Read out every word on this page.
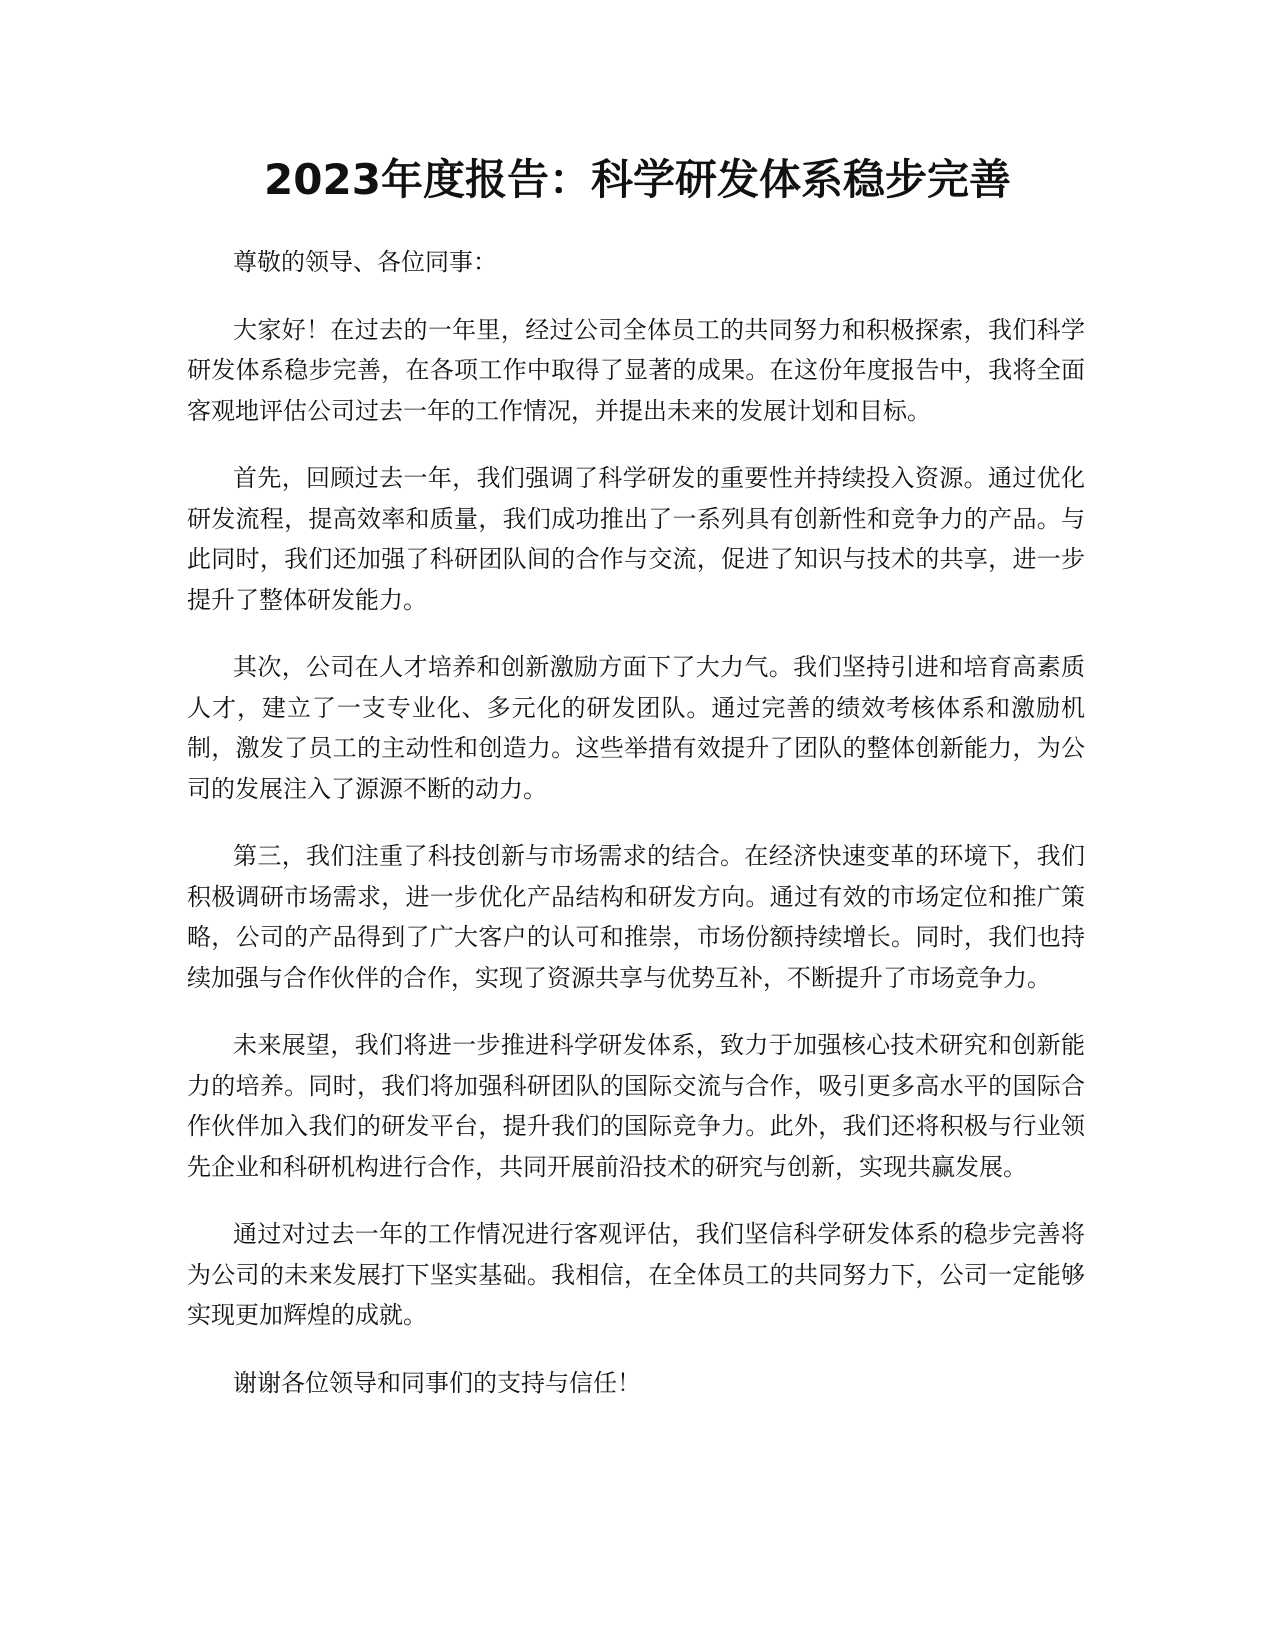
2023年度报告：科学研发体系稳步完善

尊敬的领导、各位同事：

大家好！在过去的一年里，经过公司全体员工的共同努力和积极探索，我们科学研发体系稳步完善，在各项工作中取得了显著的成果。在这份年度报告中，我将全面客观地评估公司过去一年的工作情况，并提出未来的发展计划和目标。

首先，回顾过去一年，我们强调了科学研发的重要性并持续投入资源。通过优化研发流程，提高效率和质量，我们成功推出了一系列具有创新性和竞争力的产品。与此同时，我们还加强了科研团队间的合作与交流，促进了知识与技术的共享，进一步提升了整体研发能力。

其次，公司在人才培养和创新激励方面下了大力气。我们坚持引进和培育高素质人才，建立了一支专业化、多元化的研发团队。通过完善的绩效考核体系和激励机制，激发了员工的主动性和创造力。这些举措有效提升了团队的整体创新能力，为公司的发展注入了源源不断的动力。

第三，我们注重了科技创新与市场需求的结合。在经济快速变革的环境下，我们积极调研市场需求，进一步优化产品结构和研发方向。通过有效的市场定位和推广策略，公司的产品得到了广大客户的认可和推崇，市场份额持续增长。同时，我们也持续加强与合作伙伴的合作，实现了资源共享与优势互补，不断提升了市场竞争力。

未来展望，我们将进一步推进科学研发体系，致力于加强核心技术研究和创新能力的培养。同时，我们将加强科研团队的国际交流与合作，吸引更多高水平的国际合作伙伴加入我们的研发平台，提升我们的国际竞争力。此外，我们还将积极与行业领先企业和科研机构进行合作，共同开展前沿技术的研究与创新，实现共赢发展。

通过对过去一年的工作情况进行客观评估，我们坚信科学研发体系的稳步完善将为公司的未来发展打下坚实基础。我相信，在全体员工的共同努力下，公司一定能够实现更加辉煌的成就。

谢谢各位领导和同事们的支持与信任！
